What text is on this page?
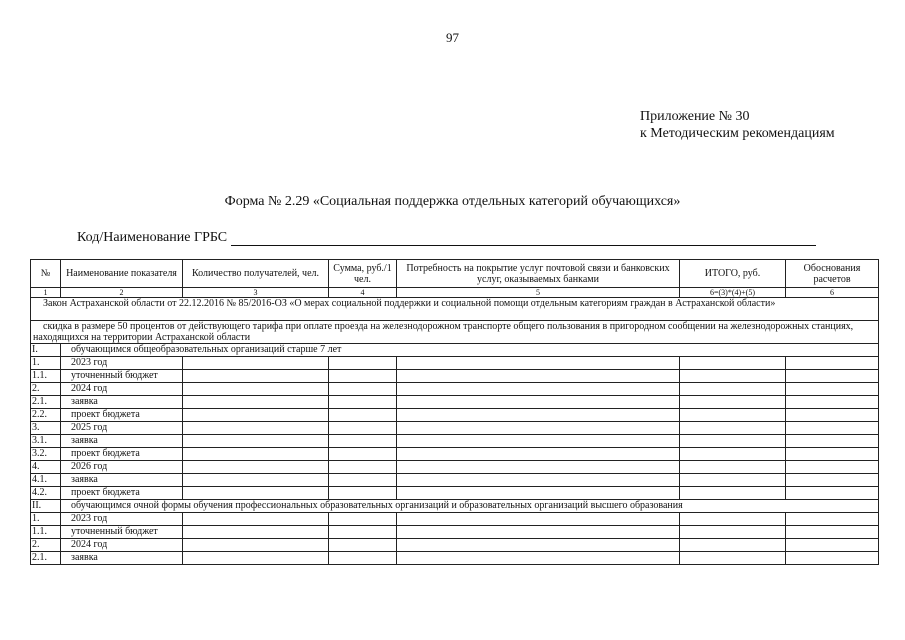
97
Приложение № 30
к Методическим рекомендациям
Форма № 2.29 «Социальная поддержка отдельных категорий обучающихся»
Код/Наименование ГРБС
№	Наименование показателя	Количество получателей, чел.	Сумма, руб./1 чел.	Потребность на покрытие услуг почтовой связи и банковских услуг, оказываемых банками	ИТОГО, руб.	Обоснования расчетов
1	2	3	4	5	6=(3)*(4)+(5)	6
Закон Астраханской области от 22.12.2016 № 85/2016-ОЗ «О мерах социальной поддержки и социальной помощи отдельным категориям граждан в Астраханской области»						
скидка в размере 50 процентов от действующего тарифа при оплате проезда на железнодорожном транспорте общего пользования в пригородном сообщении на железнодорожных станциях, находящихся на территории Астраханской области						
I.	обучающимся общеобразовательных организаций старше 7 лет					
1.	2023 год					
1.1.	уточненный бюджет					
2.	2024 год					
2.1.	заявка					
2.2.	проект бюджета					
3.	2025 год					
3.1.	заявка					
3.2.	проект бюджета					
4.	2026 год					
4.1.	заявка					
4.2.	проект бюджета					
II.	обучающимся очной формы обучения профессиональных образовательных организаций и образовательных организаций высшего образования					
1.	2023 год					
1.1.	уточненный бюджет					
2.	2024 год					
2.1.	заявка					
